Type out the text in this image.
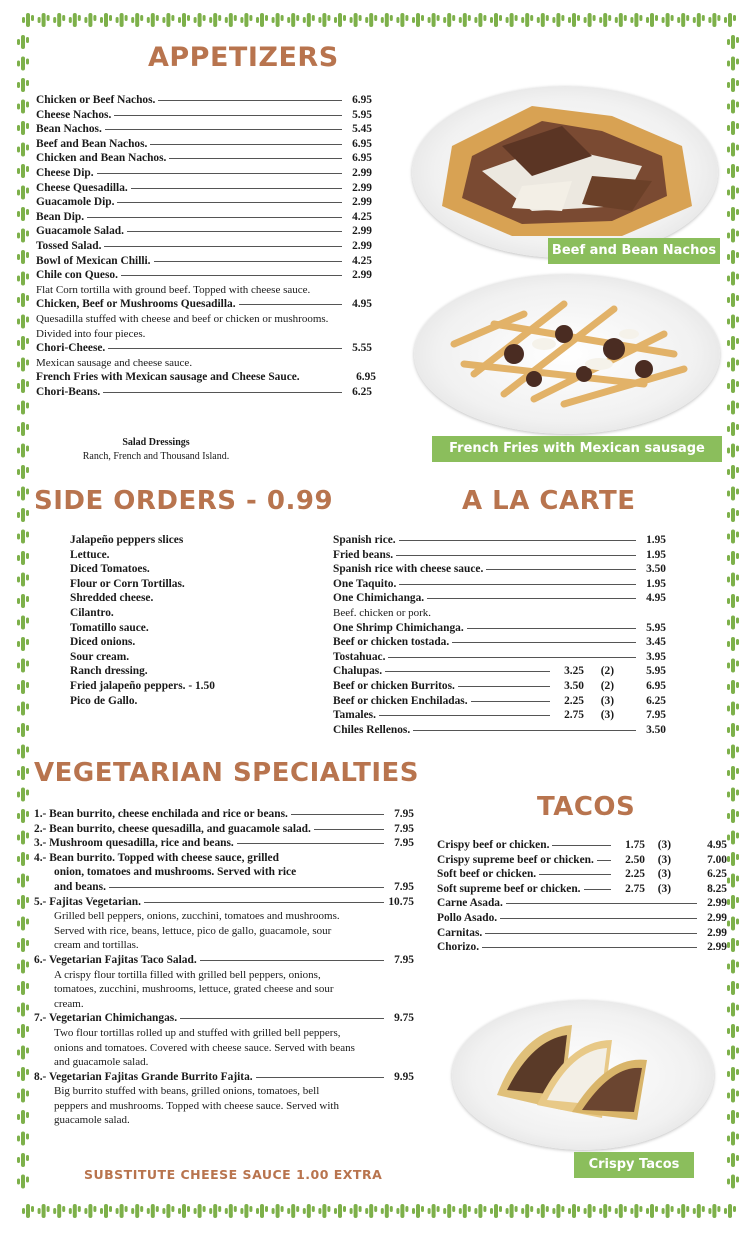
APPETIZERS
Chicken or Beef Nachos.	6.95
Cheese Nachos.	5.95
Bean Nachos.	5.45
Beef and Bean Nachos.	6.95
Chicken and Bean Nachos.	6.95
Cheese Dip.	2.99
Cheese Quesadilla.	2.99
Guacamole Dip.	2.99
Bean Dip.	4.25
Guacamole Salad.	2.99
Tossed Salad.	2.99
Bowl of Mexican Chilli.	4.25
Chile con Queso.	2.99
Flat Corn tortilla with ground beef. Topped with cheese sauce.
Chicken, Beef or Mushrooms Quesadilla.	4.95
Quesadilla stuffed with cheese and beef or chicken or mushrooms. Divided into four pieces.
Chori-Cheese.	5.55
Mexican sausage and cheese sauce.
French Fries with Mexican sausage and Cheese Sauce.	6.95
Chori-Beans.	6.25
Salad Dressings
Ranch, French and Thousand Island.
Beef and Bean Nachos
French Fries with Mexican sausage
SIDE ORDERS - 0.99
Jalapeño peppers slices
Lettuce.
Diced Tomatoes.
Flour or Corn Tortillas.
Shredded cheese.
Cilantro.
Tomatillo sauce.
Diced onions.
Sour cream.
Ranch dressing.
Fried jalapeño peppers. - 1.50
Pico de Gallo.
A LA CARTE
Spanish rice.	1.95
Fried beans.	1.95
Spanish rice with cheese sauce.	3.50
One Taquito.	1.95
One Chimichanga.	4.95
Beef. chicken or pork.
One Shrimp Chimichanga.	5.95
Beef or chicken tostada.	3.45
Tostahuac.	3.95
Chalupas.	3.25 (2)	5.95
Beef or chicken Burritos.	3.50 (2)	6.95
Beef or chicken Enchiladas.	2.25 (3)	6.25
Tamales.	2.75 (3)	7.95
Chiles Rellenos.	3.50
VEGETARIAN SPECIALTIES
1.- Bean burrito, cheese enchilada and rice or beans.	7.95
2.- Bean burrito, cheese quesadilla, and guacamole salad.	7.95
3.- Mushroom quesadilla, rice and beans.	7.95
4.- Bean burrito. Topped with cheese sauce, grilled
onion, tomatoes and mushrooms. Served with rice

and beans.	7.95
5.- Fajitas Vegetarian.	10.75
Grilled bell peppers, onions, zucchini, tomatoes and mushrooms. Served with rice, beans, lettuce, pico de gallo, guacamole, sour cream and tortillas.
6.- Vegetarian Fajitas Taco Salad.	7.95
A crispy flour tortilla filled with grilled bell peppers, onions, tomatoes, zucchini, mushrooms, lettuce, grated cheese and sour cream.
7.- Vegetarian Chimichangas.	9.75
Two flour tortillas rolled up and stuffed with grilled bell peppers, onions and tomatoes. Covered with cheese sauce. Served with beans and guacamole salad.
8.- Vegetarian Fajitas Grande Burrito Fajita.	9.95
Big burrito stuffed with beans, grilled onions, tomatoes, bell peppers and mushrooms. Topped with cheese sauce. Served with guacamole salad.
SUBSTITUTE CHEESE SAUCE 1.00 EXTRA
TACOS
Crispy beef or chicken.	1.75 (3)	4.95
Crispy supreme beef or chicken.	2.50 (3)	7.00
Soft beef or chicken.	2.25 (3)	6.25
Soft supreme beef or chicken.	2.75 (3)	8.25
Carne Asada.	2.99
Pollo Asado.	2.99
Carnitas.	2.99
Chorizo.	2.99
Crispy Tacos
